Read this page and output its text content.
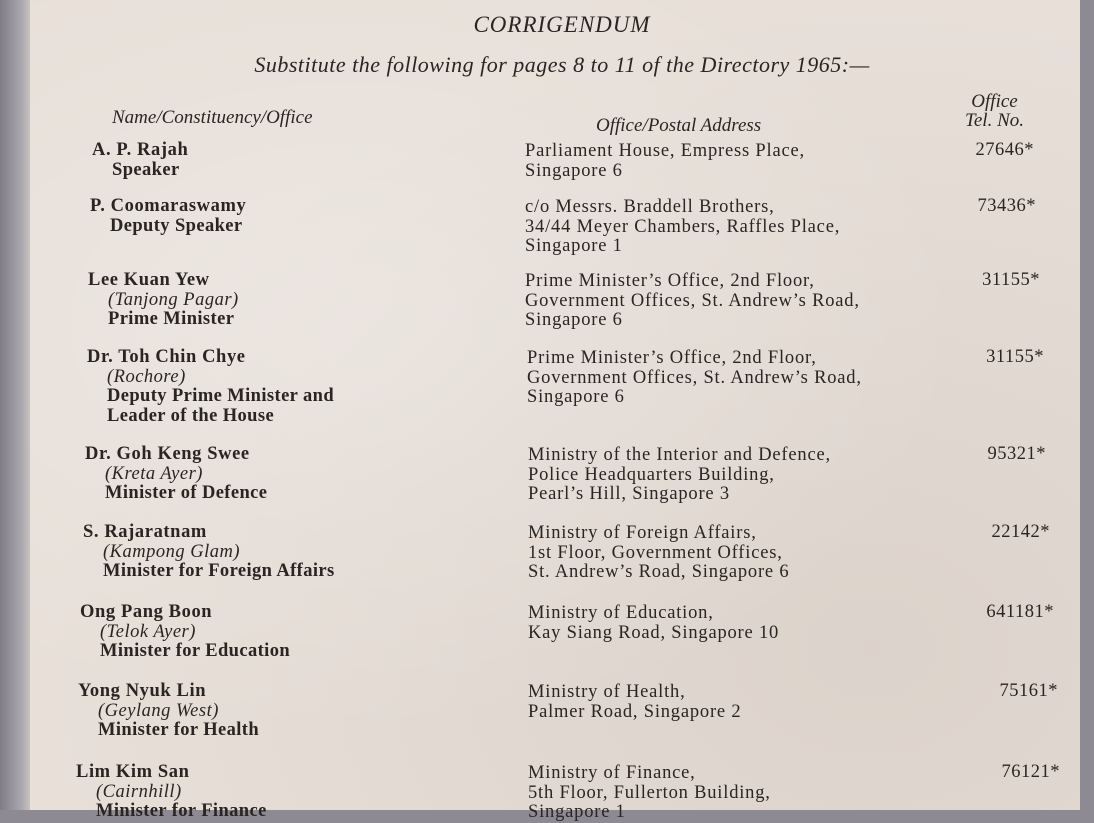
CORRIGENDUM
Substitute the following for pages 8 to 11 of the Directory 1965:—
Name/Constituency/Office	Office/Postal Address
Office
Tel. No.
A. P. Rajah
Speaker
Parliament House, Empress Place,
Singapore 6
27646*
P. Coomaraswamy
Deputy Speaker
c/o Messrs. Braddell Brothers,
34/44 Meyer Chambers, Raffles Place,
Singapore 1
73436*
Lee Kuan Yew
(Tanjong Pagar)
Prime Minister
Prime Minister’s Office, 2nd Floor,
Government Offices, St. Andrew’s Road,
Singapore 6
31155*
Dr. Toh Chin Chye
(Rochore)
Deputy Prime Minister and
Leader of the House
Prime Minister’s Office, 2nd Floor,
Government Offices, St. Andrew’s Road,
Singapore 6
31155*
Dr. Goh Keng Swee
(Kreta Ayer)
Minister of Defence
Ministry of the Interior and Defence,
Police Headquarters Building,
Pearl’s Hill, Singapore 3
95321*
S. Rajaratnam
(Kampong Glam)
Minister for Foreign Affairs
Ministry of Foreign Affairs,
1st Floor, Government Offices,
St. Andrew’s Road, Singapore 6
22142*
Ong Pang Boon
(Telok Ayer)
Minister for Education
Ministry of Education,
Kay Siang Road, Singapore 10
641181*
Yong Nyuk Lin
(Geylang West)
Minister for Health
Ministry of Health,
Palmer Road, Singapore 2
75161*
Lim Kim San
(Cairnhill)
Minister for Finance
Ministry of Finance,
5th Floor, Fullerton Building,
Singapore 1
76121*
